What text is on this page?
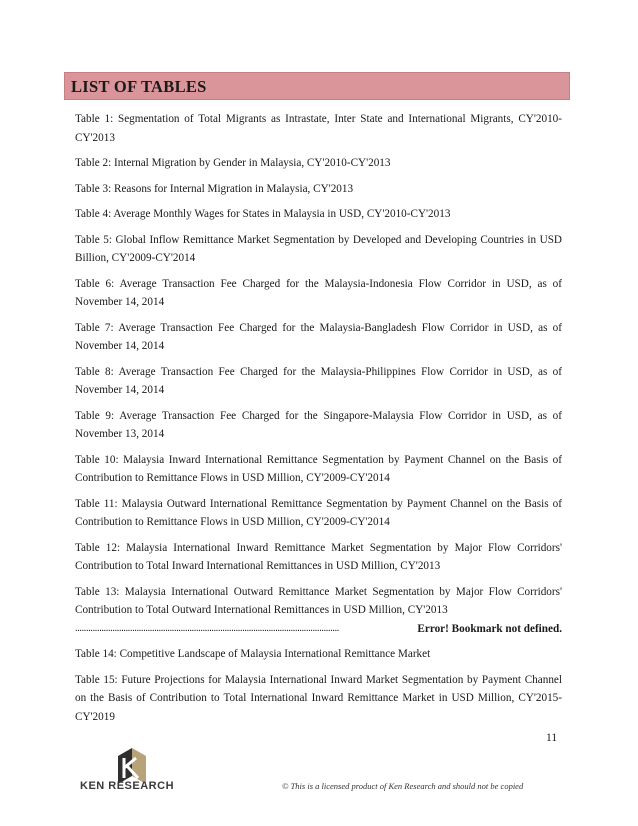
LIST OF TABLES

Table 1: Segmentation of Total Migrants as Intrastate, Inter State and International Migrants, CY'2010-CY'2013

Table 2: Internal Migration by Gender in Malaysia, CY'2010-CY'2013

Table 3: Reasons for Internal Migration in Malaysia, CY'2013

Table 4: Average Monthly Wages for States in Malaysia in USD, CY'2010-CY'2013

Table 5: Global Inflow Remittance Market Segmentation by Developed and Developing Countries in USD Billion, CY'2009-CY'2014

Table 6: Average Transaction Fee Charged for the Malaysia-Indonesia Flow Corridor in USD, as of November 14, 2014

Table 7: Average Transaction Fee Charged for the Malaysia-Bangladesh Flow Corridor in USD, as of November 14, 2014

Table 8: Average Transaction Fee Charged for the Malaysia-Philippines Flow Corridor in USD, as of November 14, 2014

Table 9: Average Transaction Fee Charged for the Singapore-Malaysia Flow Corridor in USD, as of November 13, 2014

Table 10: Malaysia Inward International Remittance Segmentation by Payment Channel on the Basis of Contribution to Remittance Flows in USD Million, CY'2009-CY'2014

Table 11: Malaysia Outward International Remittance Segmentation by Payment Channel on the Basis of Contribution to Remittance Flows in USD Million, CY'2009-CY'2014

Table 12: Malaysia International Inward Remittance Market Segmentation by Major Flow Corridors' Contribution to Total Inward International Remittances in USD Million, CY'2013

Table 13: Malaysia International Outward Remittance Market Segmentation by Major Flow Corridors' Contribution to Total Outward International Remittances in USD Million, CY'2013
........................................................................................................................	Error! Bookmark not defined.

Table 14: Competitive Landscape of Malaysia International Remittance Market

Table 15: Future Projections for Malaysia International Inward Market Segmentation by Payment Channel on the Basis of Contribution to Total International Inward Remittance Market in USD Million, CY'2015-CY'2019

11
KEN RESEARCH	© This is a licensed product of Ken Research and should not be copied
